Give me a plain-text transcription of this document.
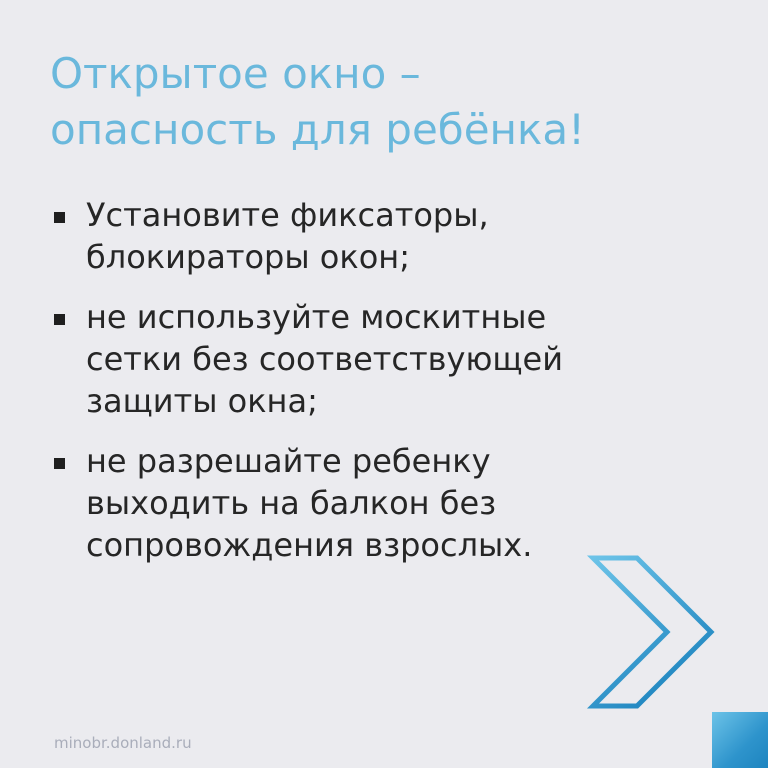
Открытое окно –
опасность для ребёнка!
Установите фиксаторы,
блокираторы окон;
не используйте москитные
сетки без соответствующей
защиты окна;
не разрешайте ребенку
выходить на балкон без
сопровождения взрослых.
minobr.donland.ru
